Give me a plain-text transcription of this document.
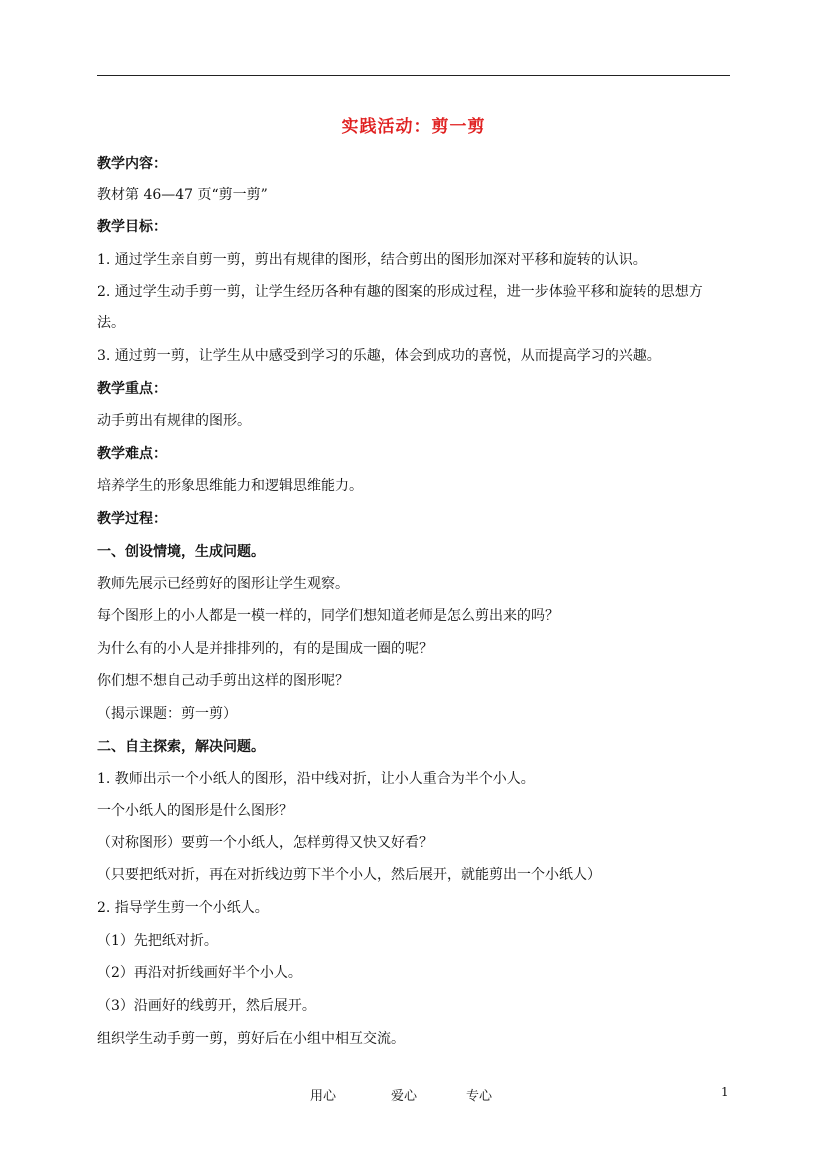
实践活动：剪一剪
教学内容：
教材第 46—47 页“剪一剪”
教学目标：
1. 通过学生亲自剪一剪，剪出有规律的图形，结合剪出的图形加深对平移和旋转的认识。
2. 通过学生动手剪一剪，让学生经历各种有趣的图案的形成过程，进一步体验平移和旋转的思想方
法。
3. 通过剪一剪，让学生从中感受到学习的乐趣，体会到成功的喜悦，从而提高学习的兴趣。
教学重点：
动手剪出有规律的图形。
教学难点：
培养学生的形象思维能力和逻辑思维能力。
教学过程：
一、创设情境，生成问题。
教师先展示已经剪好的图形让学生观察。
每个图形上的小人都是一模一样的，同学们想知道老师是怎么剪出来的吗？
为什么有的小人是并排排列的，有的是围成一圈的呢？
你们想不想自己动手剪出这样的图形呢？
（揭示课题：剪一剪）
二、自主探索，解决问题。
1. 教师出示一个小纸人的图形，沿中线对折，让小人重合为半个小人。
一个小纸人的图形是什么图形？
（对称图形）要剪一个小纸人，怎样剪得又快又好看？
（只要把纸对折，再在对折线边剪下半个小人，然后展开，就能剪出一个小纸人）
2. 指导学生剪一个小纸人。
（1）先把纸对折。
（2）再沿对折线画好半个小人。
（3）沿画好的线剪开，然后展开。
组织学生动手剪一剪，剪好后在小组中相互交流。
用心	爱心	专心	1
